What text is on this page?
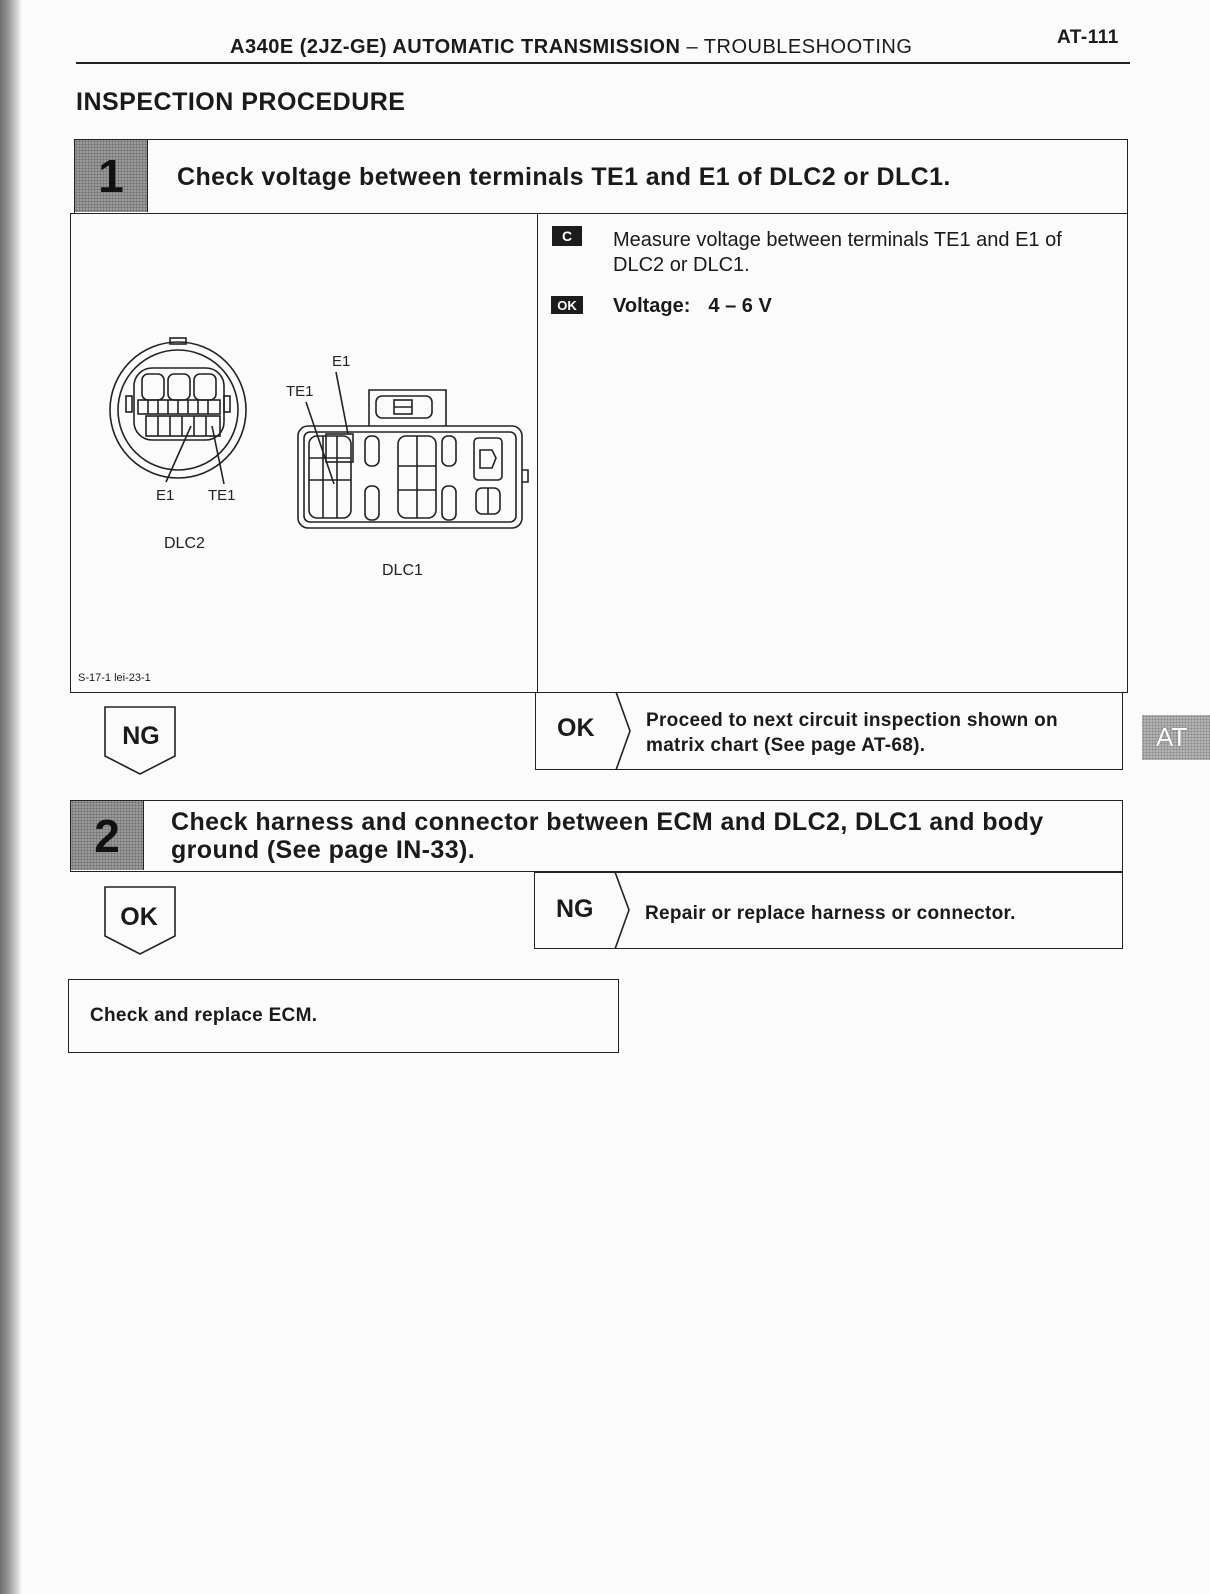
A340E (2JZ-GE) AUTOMATIC TRANSMISSION – TROUBLESHOOTING	AT-111
INSPECTION PROCEDURE
1	Check voltage between terminals TE1 and E1 of DLC2 or DLC1.
C	Measure voltage between terminals TE1 and E1 of DLC2 or DLC1.
OK	Voltage: 4 – 6 V
E1 TE1
DLC2
E1
TE1
DLC1
S-17-1 lei-23-1
NG	OK	Proceed to next circuit inspection shown on matrix chart (See page AT-68).
2	Check harness and connector between ECM and DLC2, DLC1 and body ground (See page IN-33).
OK	NG	Repair or replace harness or connector.
Check and replace ECM.
AT
